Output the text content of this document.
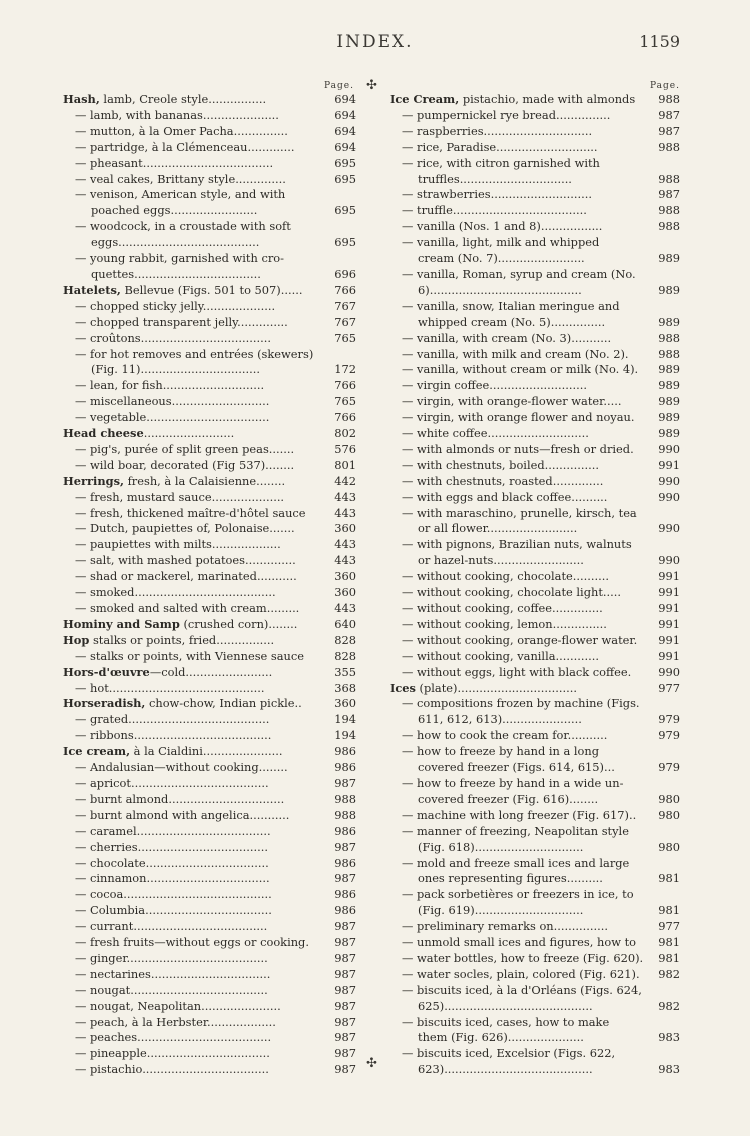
INDEX.	1159
✣
✣
Page.
Hash, lamb, Creole style................	694
— lamb, with bananas.....................	694
— mutton, à la Omer Pacha...............	694
— partridge, à la Clémenceau.............	694
— pheasant....................................	695
— veal cakes, Brittany style..............	695
— venison, American style, and with
poached eggs........................	695
— woodcock, in a croustade with soft
eggs.......................................	695
— young rabbit, garnished with cro-
quettes...................................	696
Hatelets, Bellevue (Figs. 501 to 507)......	766
— chopped sticky jelly....................	767
— chopped transparent jelly..............	767
— croûtons....................................	765
— for hot removes and entrées (skewers)
(Fig. 11).................................	172
— lean, for fish............................	766
— miscellaneous...........................	765
— vegetable..................................	766
Head cheese.........................	802
— pig's, purée of split green peas.......	576
— wild boar, decorated (Fig 537)........	801
Herrings, fresh, à la Calaisienne........	442
— fresh, mustard sauce....................	443
— fresh, thickened maître-d'hôtel sauce	443
— Dutch, paupiettes of, Polonaise.......	360
— paupiettes with milts...................	443
— salt, with mashed potatoes..............	443
— shad or mackerel, marinated...........	360
— smoked.......................................	360
— smoked and salted with cream.........	443
Hominy and Samp (crushed corn)........	640
Hop stalks or points, fried................	828
— stalks or points, with Viennese sauce	828
Hors-d'œuvre—cold........................	355
— hot...........................................	368
Horseradish, chow-chow, Indian pickle..	360
— grated.......................................	194
— ribbons......................................	194
Ice cream, à la Cialdini......................	986
— Andalusian—without cooking........	986
— apricot......................................	987
— burnt almond................................	988
— burnt almond with angelica...........	988
— caramel.....................................	986
— cherries....................................	987
— chocolate..................................	986
— cinnamon..................................	987
— cocoa.........................................	986
— Columbia...................................	986
— currant.....................................	987
— fresh fruits—without eggs or cooking.	987
— ginger.......................................	987
— nectarines.................................	987
— nougat......................................	987
— nougat, Neapolitan......................	987
— peach, à la Herbster...................	987
— peaches.....................................	987
— pineapple..................................	987
— pistachio...................................	987
Page.
Ice Cream, pistachio, made with almonds	988
— pumpernickel rye bread...............	987
— raspberries..............................	987
— rice, Paradise............................	988
— rice, with citron garnished with
truffles...............................	988
— strawberries............................	987
— truffle.....................................	988
— vanilla (Nos. 1 and 8).................	988
— vanilla, light, milk and whipped
cream (No. 7)........................	989
— vanilla, Roman, syrup and cream (No.
6)..........................................	989
— vanilla, snow, Italian meringue and
whipped cream (No. 5)...............	989
— vanilla, with cream (No. 3)...........	988
— vanilla, with milk and cream (No. 2).	988
— vanilla, without cream or milk (No. 4).	989
— virgin coffee...........................	989
— virgin, with orange-flower water.....	989
— virgin, with orange flower and noyau.	989
— white coffee............................	989
— with almonds or nuts—fresh or dried.	990
— with chestnuts, boiled...............	991
— with chestnuts, roasted..............	990
— with eggs and black coffee..........	990
— with maraschino, prunelle, kirsch, tea
or all flower.........................	990
— with pignons, Brazilian nuts, walnuts
or hazel-nuts.........................	990
— without cooking, chocolate..........	991
— without cooking, chocolate light.....	991
— without cooking, coffee..............	991
— without cooking, lemon...............	991
— without cooking, orange-flower water.	991
— without cooking, vanilla............	991
— without eggs, light with black coffee.	990
Ices (plate).................................	977
— compositions frozen by machine (Figs.
611, 612, 613)......................	979
— how to cook the cream for...........	979
— how to freeze by hand in a long
covered freezer (Figs. 614, 615)...	979
— how to freeze by hand in a wide un-
covered freezer (Fig. 616)........	980
— machine with long freezer (Fig. 617)..	980
— manner of freezing, Neapolitan style
(Fig. 618)..............................	980
— mold and freeze small ices and large
ones representing figures..........	981
— pack sorbetières or freezers in ice, to
(Fig. 619)..............................	981
— preliminary remarks on...............	977
— unmold small ices and figures, how to	981
— water bottles, how to freeze (Fig. 620).	981
— water socles, plain, colored (Fig. 621).	982
— biscuits iced, à la d'Orléans (Figs. 624,
625).........................................	982
— biscuits iced, cases, how to make
them (Fig. 626).....................	983
— biscuits iced, Excelsior (Figs. 622,
623).........................................	983
